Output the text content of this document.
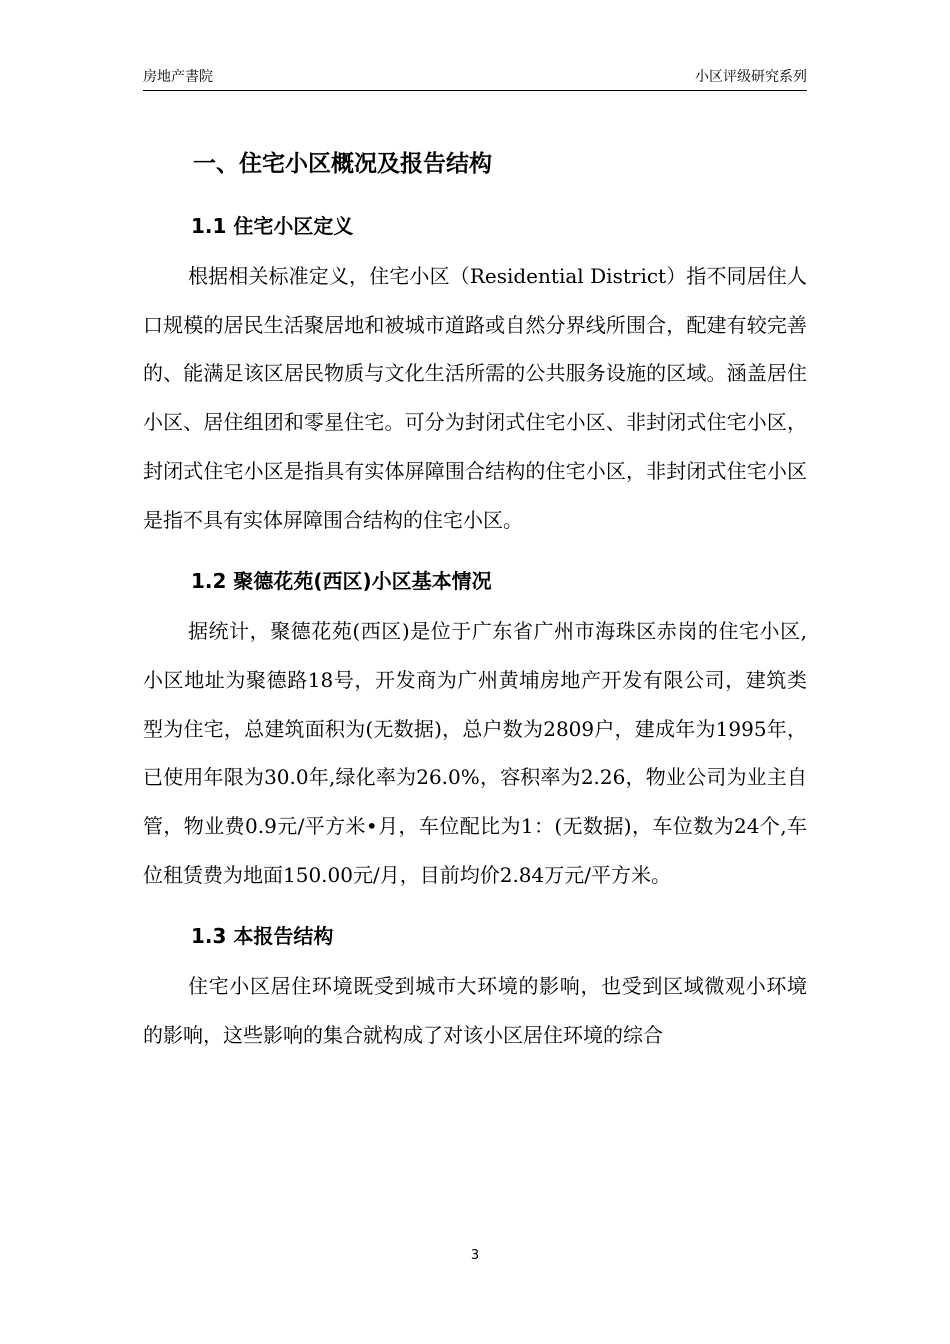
房地产書院	小区评级研究系列
一、住宅小区概况及报告结构
1.1 住宅小区定义

根据相关标准定义，住宅小区（Residential District）指不同居住人口规模的居民生活聚居地和被城市道路或自然分界线所围合，配建有较完善的、能满足该区居民物质与文化生活所需的公共服务设施的区域。涵盖居住小区、居住组团和零星住宅。可分为封闭式住宅小区、非封闭式住宅小区，封闭式住宅小区是指具有实体屏障围合结构的住宅小区，非封闭式住宅小区是指不具有实体屏障围合结构的住宅小区。

1.2 聚德花苑(西区)小区基本情况

据统计，聚德花苑(西区)是位于广东省广州市海珠区赤岗的住宅小区,小区地址为聚德路18号，开发商为广州黄埔房地产开发有限公司，建筑类型为住宅，总建筑面积为(无数据)，总户数为2809户，建成年为1995年，已使用年限为30.0年,绿化率为26.0%，容积率为2.26，物业公司为业主自管，物业费0.9元/平方米•月，车位配比为1：(无数据)，车位数为24个,车位租赁费为地面150.00元/月，目前均价2.84万元/平方米。

1.3 本报告结构

住宅小区居住环境既受到城市大环境的影响，也受到区域微观小环境的影响，这些影响的集合就构成了对该小区居住环境的综合

3
